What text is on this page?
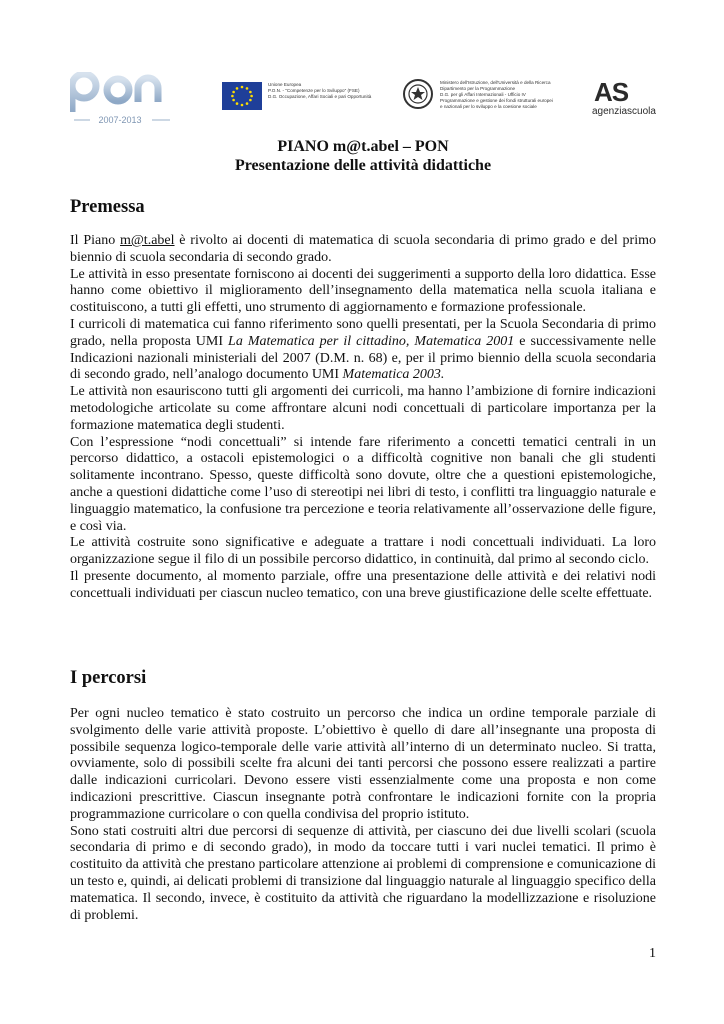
2007-2013
Unione Europea
P.O.N. - "Competenze per lo Sviluppo" (FSE)
D.G. Occupazione, Affari Sociali e pari Opportunità
Ministero dell'Istruzione, dell'Università e della Ricerca
Dipartimento per la Programmazione
D.G. per gli Affari Internazionali - Ufficio IV
Programmazione e gestione dei fondi strutturali europei
e nazionali per lo sviluppo e la coesione sociale	AS
agenziascuola
PIANO m@t.abel – PON
Presentazione delle attività didattiche
Premessa

Il Piano m@t.abel è rivolto ai docenti di matematica di scuola secondaria di primo grado e del primo biennio di scuola secondaria di secondo grado.

Le attività in esso presentate forniscono ai docenti dei suggerimenti a supporto della loro didattica. Esse hanno come obiettivo il miglioramento dell’insegnamento della matematica nella scuola italiana e costituiscono, a tutti gli effetti, uno strumento di aggiornamento e formazione professionale.

I curricoli di matematica cui fanno riferimento sono quelli presentati, per la Scuola Secondaria di primo grado, nella proposta UMI La Matematica per il cittadino, Matematica 2001 e successivamente nelle Indicazioni nazionali ministeriali del 2007 (D.M. n. 68) e, per il primo biennio della scuola secondaria di secondo grado, nell’analogo documento UMI Matematica 2003.

Le attività non esauriscono tutti gli argomenti dei curricoli, ma hanno l’ambizione di fornire indicazioni metodologiche articolate su come affrontare alcuni nodi concettuali di particolare importanza per la formazione matematica degli studenti.

Con l’espressione “nodi concettuali” si intende fare riferimento a concetti tematici centrali in un percorso didattico, a ostacoli epistemologici o a difficoltà cognitive non banali che gli studenti solitamente incontrano. Spesso, queste difficoltà sono dovute, oltre che a questioni epistemologiche, anche a questioni didattiche come l’uso di stereotipi nei libri di testo, i conflitti tra linguaggio naturale e linguaggio matematico, la confusione tra percezione e teoria relativamente all’osservazione delle figure, e così via.

Le attività costruite sono significative e adeguate a trattare i nodi concettuali individuati. La loro organizzazione segue il filo di un possibile percorso didattico, in continuità, dal primo al secondo ciclo.

Il presente documento, al momento parziale, offre una presentazione delle attività e dei relativi nodi concettuali individuati per ciascun nucleo tematico, con una breve giustificazione delle scelte effettuate.

I percorsi

Per ogni nucleo tematico è stato costruito un percorso che indica un ordine temporale parziale di svolgimento delle varie attività proposte. L’obiettivo è quello di dare all’insegnante una proposta di possibile sequenza logico-temporale delle varie attività all’interno di un determinato nucleo. Si tratta, ovviamente, solo di possibili scelte fra alcuni dei tanti percorsi che possono essere realizzati a partire dalle indicazioni curricolari. Devono essere visti essenzialmente come una proposta e non come indicazioni prescrittive. Ciascun insegnante potrà confrontare le indicazioni fornite con la propria programmazione curricolare o con quella condivisa del proprio istituto.

Sono stati costruiti altri due percorsi di sequenze di attività, per ciascuno dei due livelli scolari (scuola secondaria di primo e di secondo grado), in modo da toccare tutti i vari nuclei tematici. Il primo è costituito da attività che prestano particolare attenzione ai problemi di comprensione e comunicazione di un testo e, quindi, ai delicati problemi di transizione dal linguaggio naturale al linguaggio specifico della matematica. Il secondo, invece, è costituito da attività che riguardano la modellizzazione e risoluzione di problemi.

1
